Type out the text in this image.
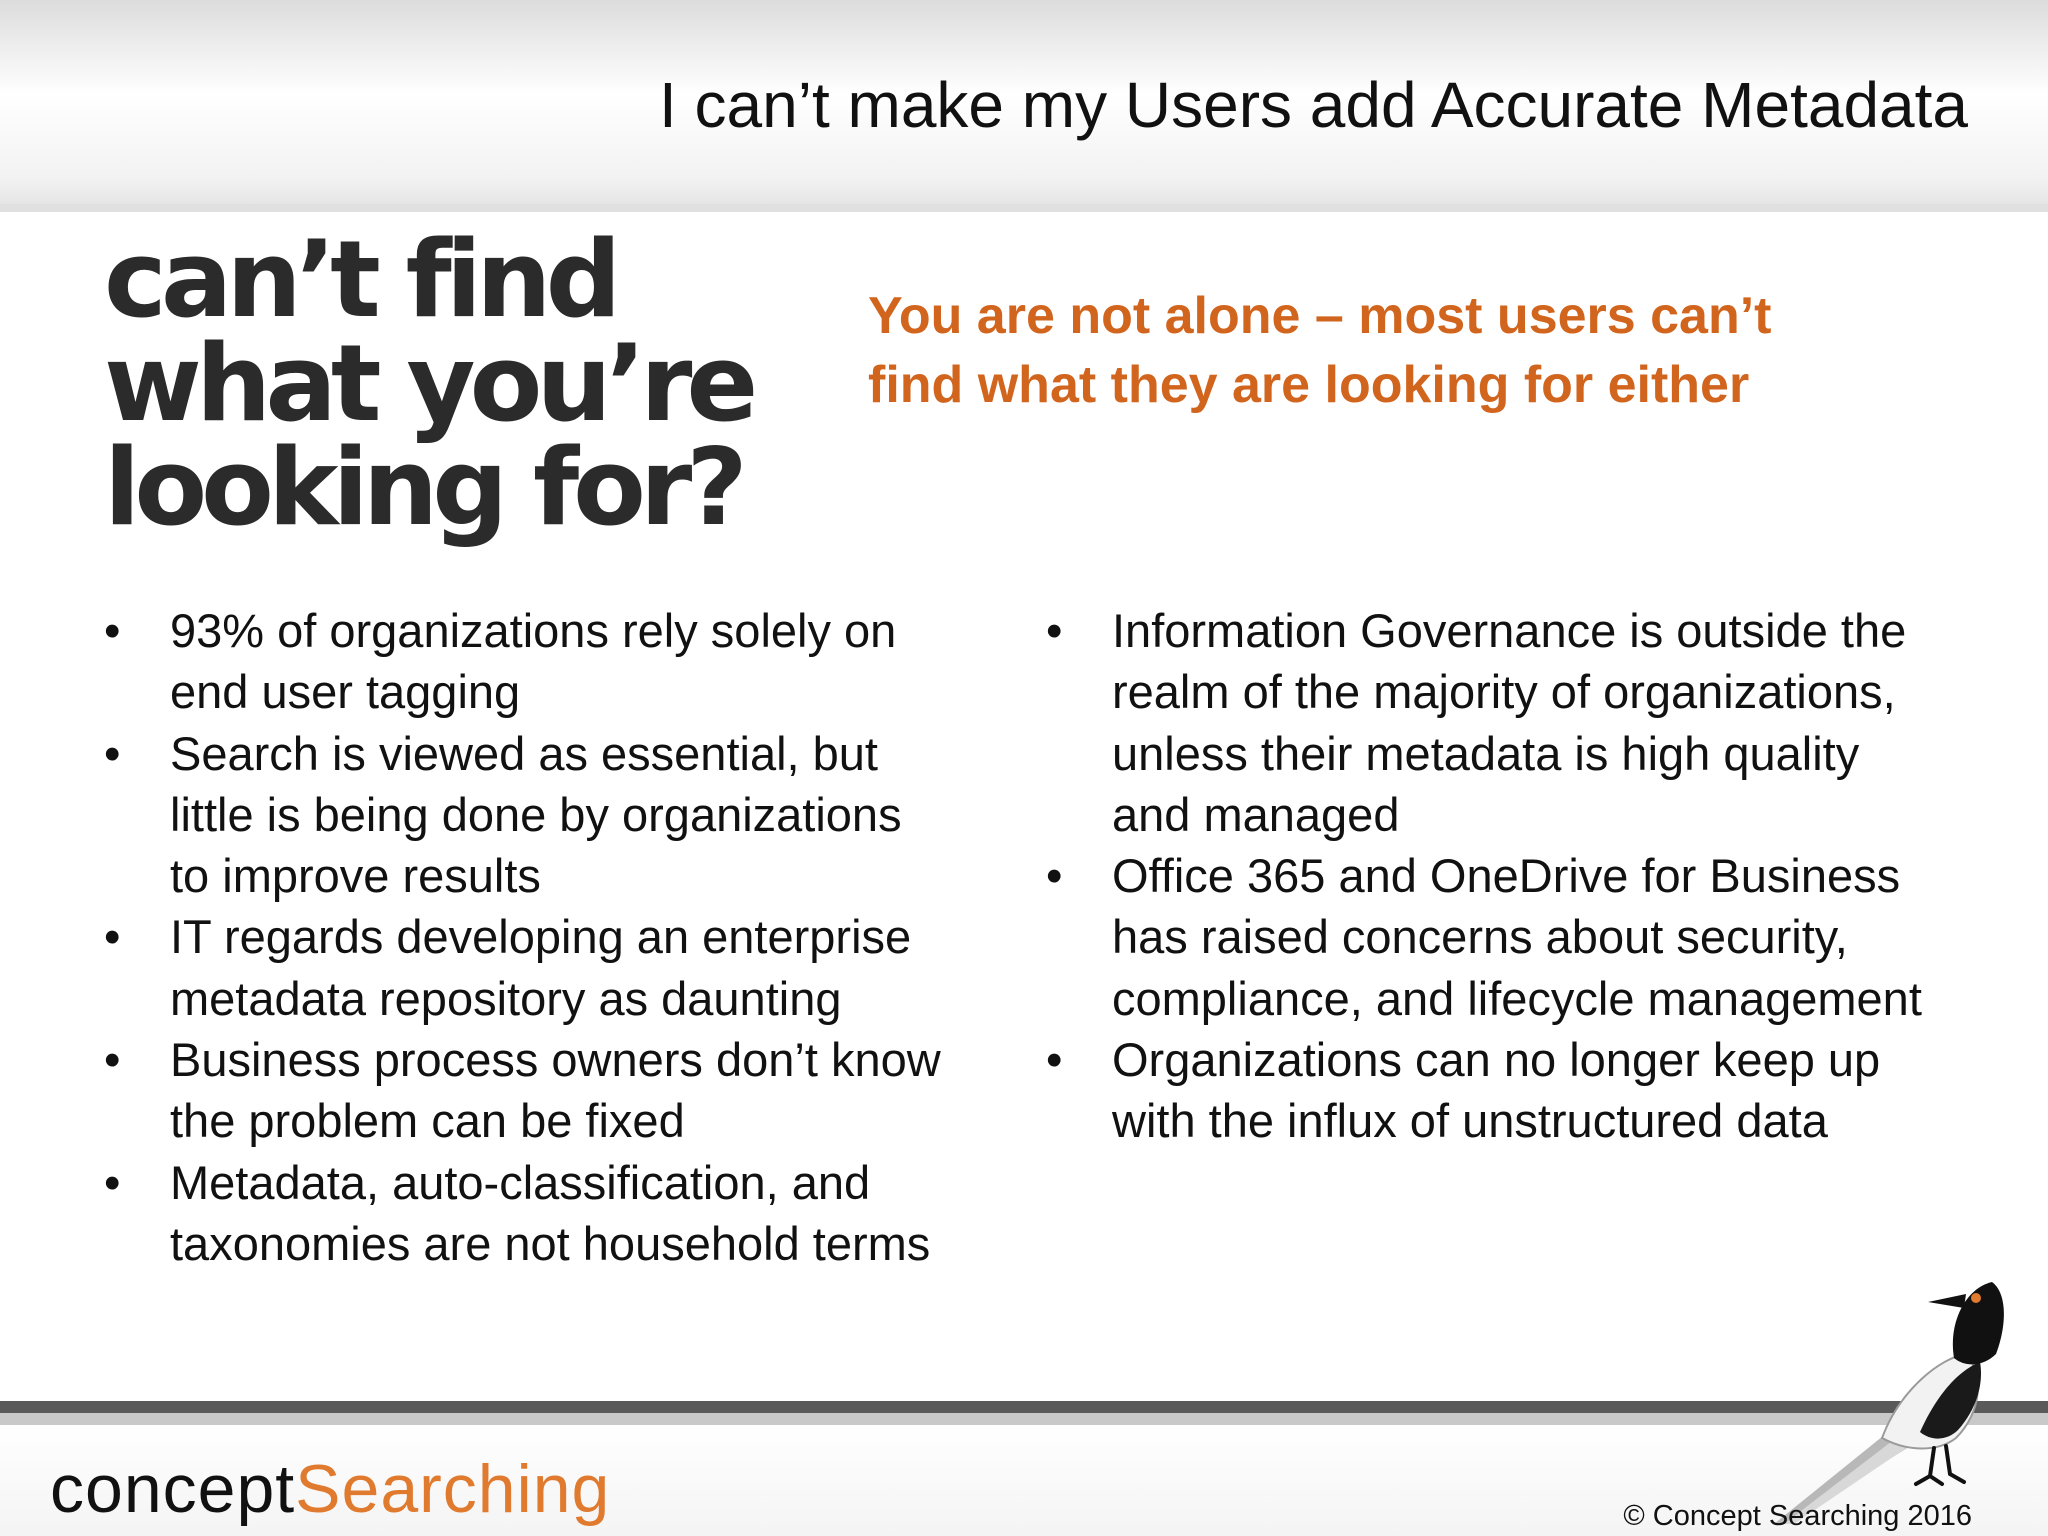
I can’t make my Users add Accurate Metadata
can’t find
what you’re
looking for?
You are not alone – most users can’t
find what they are looking for either
• 93% of organizations rely solely on
end user tagging
• Search is viewed as essential, but
little is being done by organizations
to improve results
• IT regards developing an enterprise
metadata repository as daunting
• Business process owners don’t know
the problem can be fixed
• Metadata, auto-classification, and
taxonomies are not household terms
• Information Governance is outside the
realm of the majority of organizations,
unless their metadata is high quality
and managed
• Office 365 and OneDrive for Business
has raised concerns about security,
compliance, and lifecycle management
• Organizations can no longer keep up
with the influx of unstructured data
conceptSearching	© Concept Searching 2016
